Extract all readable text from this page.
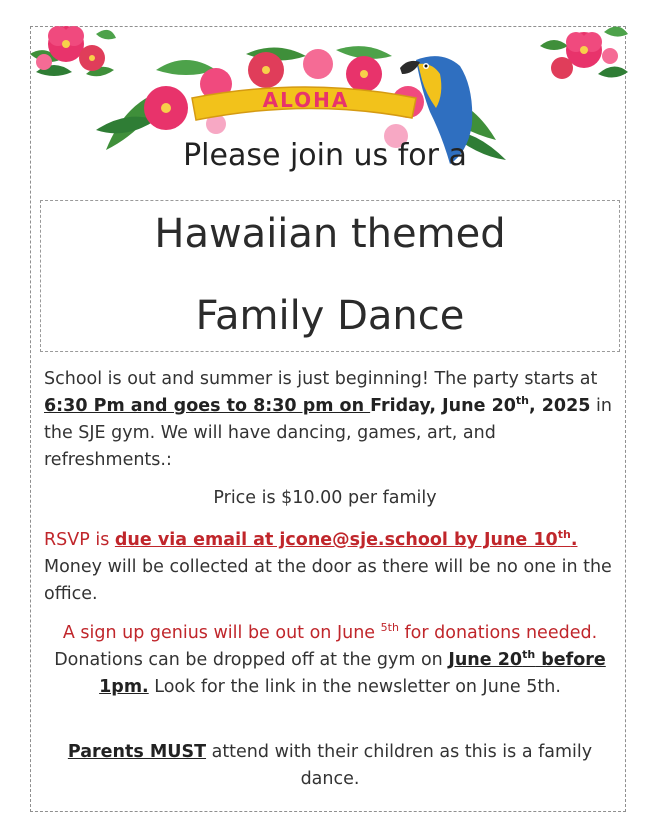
ALOHA
Please join us for a
Hawaiian themed
Family Dance
School is out and summer is just beginning! The party starts at 6:30 Pm and goes to 8:30 pm on Friday, June 20th, 2025 in the SJE gym. We will have dancing, games, art, and refreshments.:
Price is $10.00 per family
RSVP is due via email at jcone@sje.school by June 10th. Money will be collected at the door as there will be no one in the office.
A sign up genius will be out on June $^{5th}$ for donations needed. Donations can be dropped off at the gym on June 20th before 1pm. Look for the link in the newsletter on June 5th.
Parents MUST attend with their children as this is a family dance.
